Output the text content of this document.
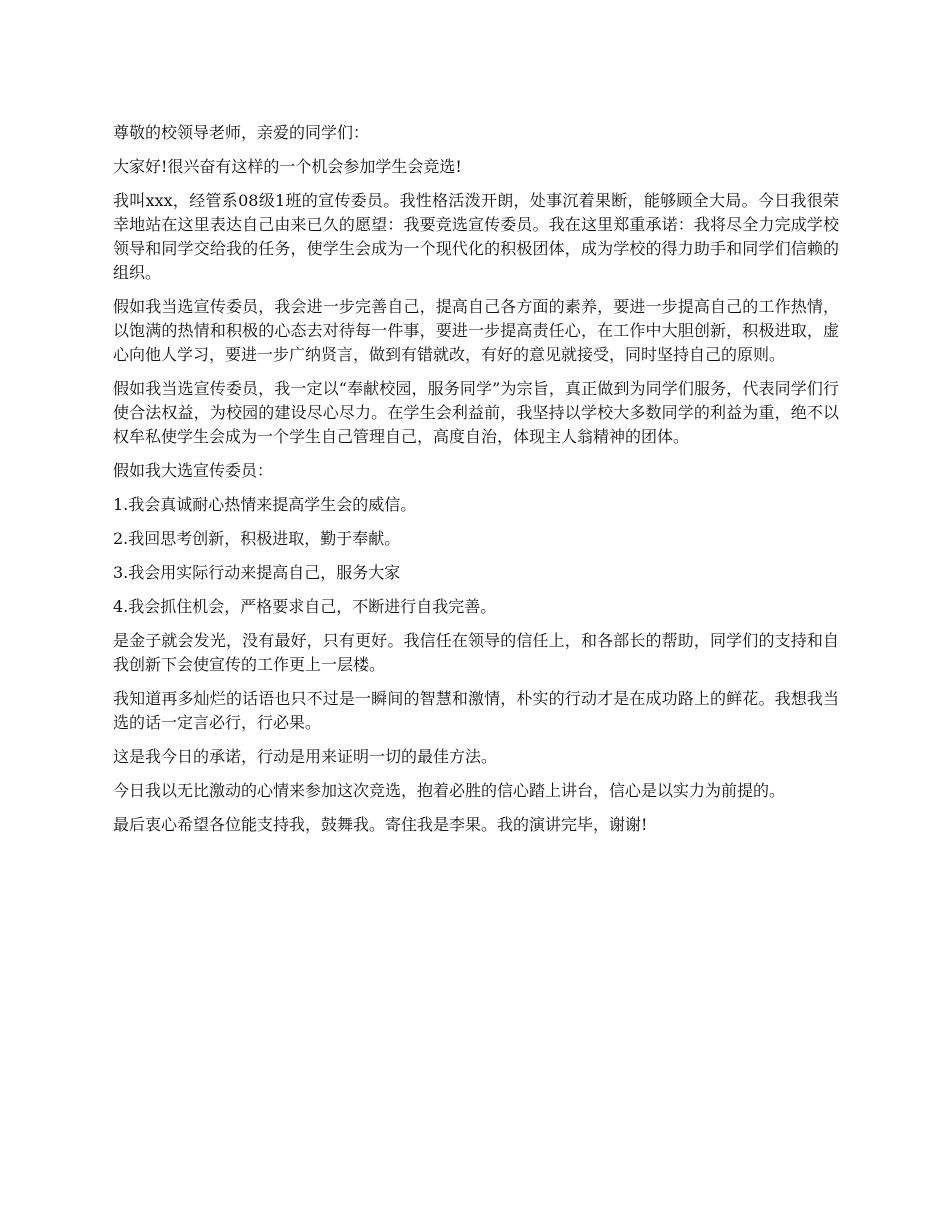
尊敬的校领导老师，亲爱的同学们：

大家好!很兴奋有这样的一个机会参加学生会竞选!

我叫xxx，经管系08级1班的宣传委员。我性格活泼开朗，处事沉着果断，能够顾全大局。今日我很荣幸地站在这里表达自己由来已久的愿望：我要竞选宣传委员。我在这里郑重承诺：我将尽全力完成学校领导和同学交给我的任务，使学生会成为一个现代化的积极团体，成为学校的得力助手和同学们信赖的组织。

假如我当选宣传委员，我会进一步完善自己，提高自己各方面的素养，要进一步提高自己的工作热情，以饱满的热情和积极的心态去对待每一件事，要进一步提高责任心，在工作中大胆创新，积极进取，虚心向他人学习，要进一步广纳贤言，做到有错就改，有好的意见就接受，同时坚持自己的原则。

假如我当选宣传委员，我一定以“奉献校园，服务同学”为宗旨，真正做到为同学们服务，代表同学们行使合法权益，为校园的建设尽心尽力。在学生会利益前，我坚持以学校大多数同学的利益为重，绝不以权牟私使学生会成为一个学生自己管理自己，高度自治，体现主人翁精神的团体。

假如我大选宣传委员：

1.我会真诚耐心热情来提高学生会的威信。

2.我回思考创新，积极进取，勤于奉献。

3.我会用实际行动来提高自己，服务大家

4.我会抓住机会，严格要求自己，不断进行自我完善。

是金子就会发光，没有最好，只有更好。我信任在领导的信任上，和各部长的帮助，同学们的支持和自我创新下会使宣传的工作更上一层楼。

我知道再多灿烂的话语也只不过是一瞬间的智慧和激情，朴实的行动才是在成功路上的鲜花。我想我当选的话一定言必行，行必果。

这是我今日的承诺，行动是用来证明一切的最佳方法。

今日我以无比激动的心情来参加这次竞选，抱着必胜的信心踏上讲台，信心是以实力为前提的。

最后衷心希望各位能支持我，鼓舞我。寄住我是李果。我的演讲完毕，谢谢!
